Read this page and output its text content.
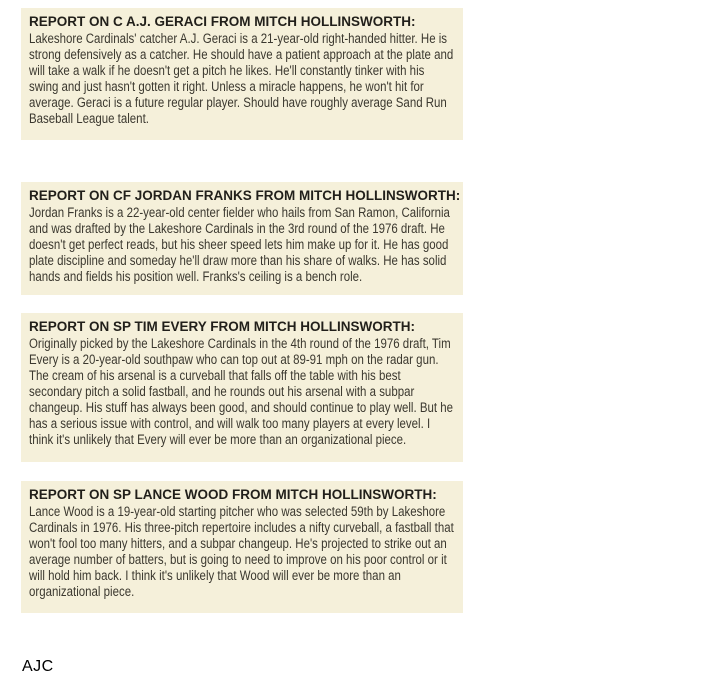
REPORT ON C A.J. GERACI FROM MITCH HOLLINSWORTH:

Lakeshore Cardinals' catcher A.J. Geraci is a 21-year-old right-handed hitter. He is strong defensively as a catcher. He should have a patient approach at the plate and will take a walk if he doesn't get a pitch he likes. He'll constantly tinker with his swing and just hasn't gotten it right. Unless a miracle happens, he won't hit for average. Geraci is a future regular player. Should have roughly average Sand Run Baseball League talent.

REPORT ON CF JORDAN FRANKS FROM MITCH HOLLINSWORTH:

Jordan Franks is a 22-year-old center fielder who hails from San Ramon, California and was drafted by the Lakeshore Cardinals in the 3rd round of the 1976 draft. He doesn't get perfect reads, but his sheer speed lets him make up for it. He has good plate discipline and someday he'll draw more than his share of walks. He has solid hands and fields his position well. Franks's ceiling is a bench role.

REPORT ON SP TIM EVERY FROM MITCH HOLLINSWORTH:

Originally picked by the Lakeshore Cardinals in the 4th round of the 1976 draft, Tim Every is a 20-year-old southpaw who can top out at 89-91 mph on the radar gun. The cream of his arsenal is a curveball that falls off the table with his best secondary pitch a solid fastball, and he rounds out his arsenal with a subpar changeup. His stuff has always been good, and should continue to play well. But he has a serious issue with control, and will walk too many players at every level. I think it's unlikely that Every will ever be more than an organizational piece.

REPORT ON SP LANCE WOOD FROM MITCH HOLLINSWORTH:

Lance Wood is a 19-year-old starting pitcher who was selected 59th by Lakeshore Cardinals in 1976. His three-pitch repertoire includes a nifty curveball, a fastball that won't fool too many hitters, and a subpar changeup. He's projected to strike out an average number of batters, but is going to need to improve on his poor control or it will hold him back. I think it's unlikely that Wood will ever be more than an organizational piece.

AJC
